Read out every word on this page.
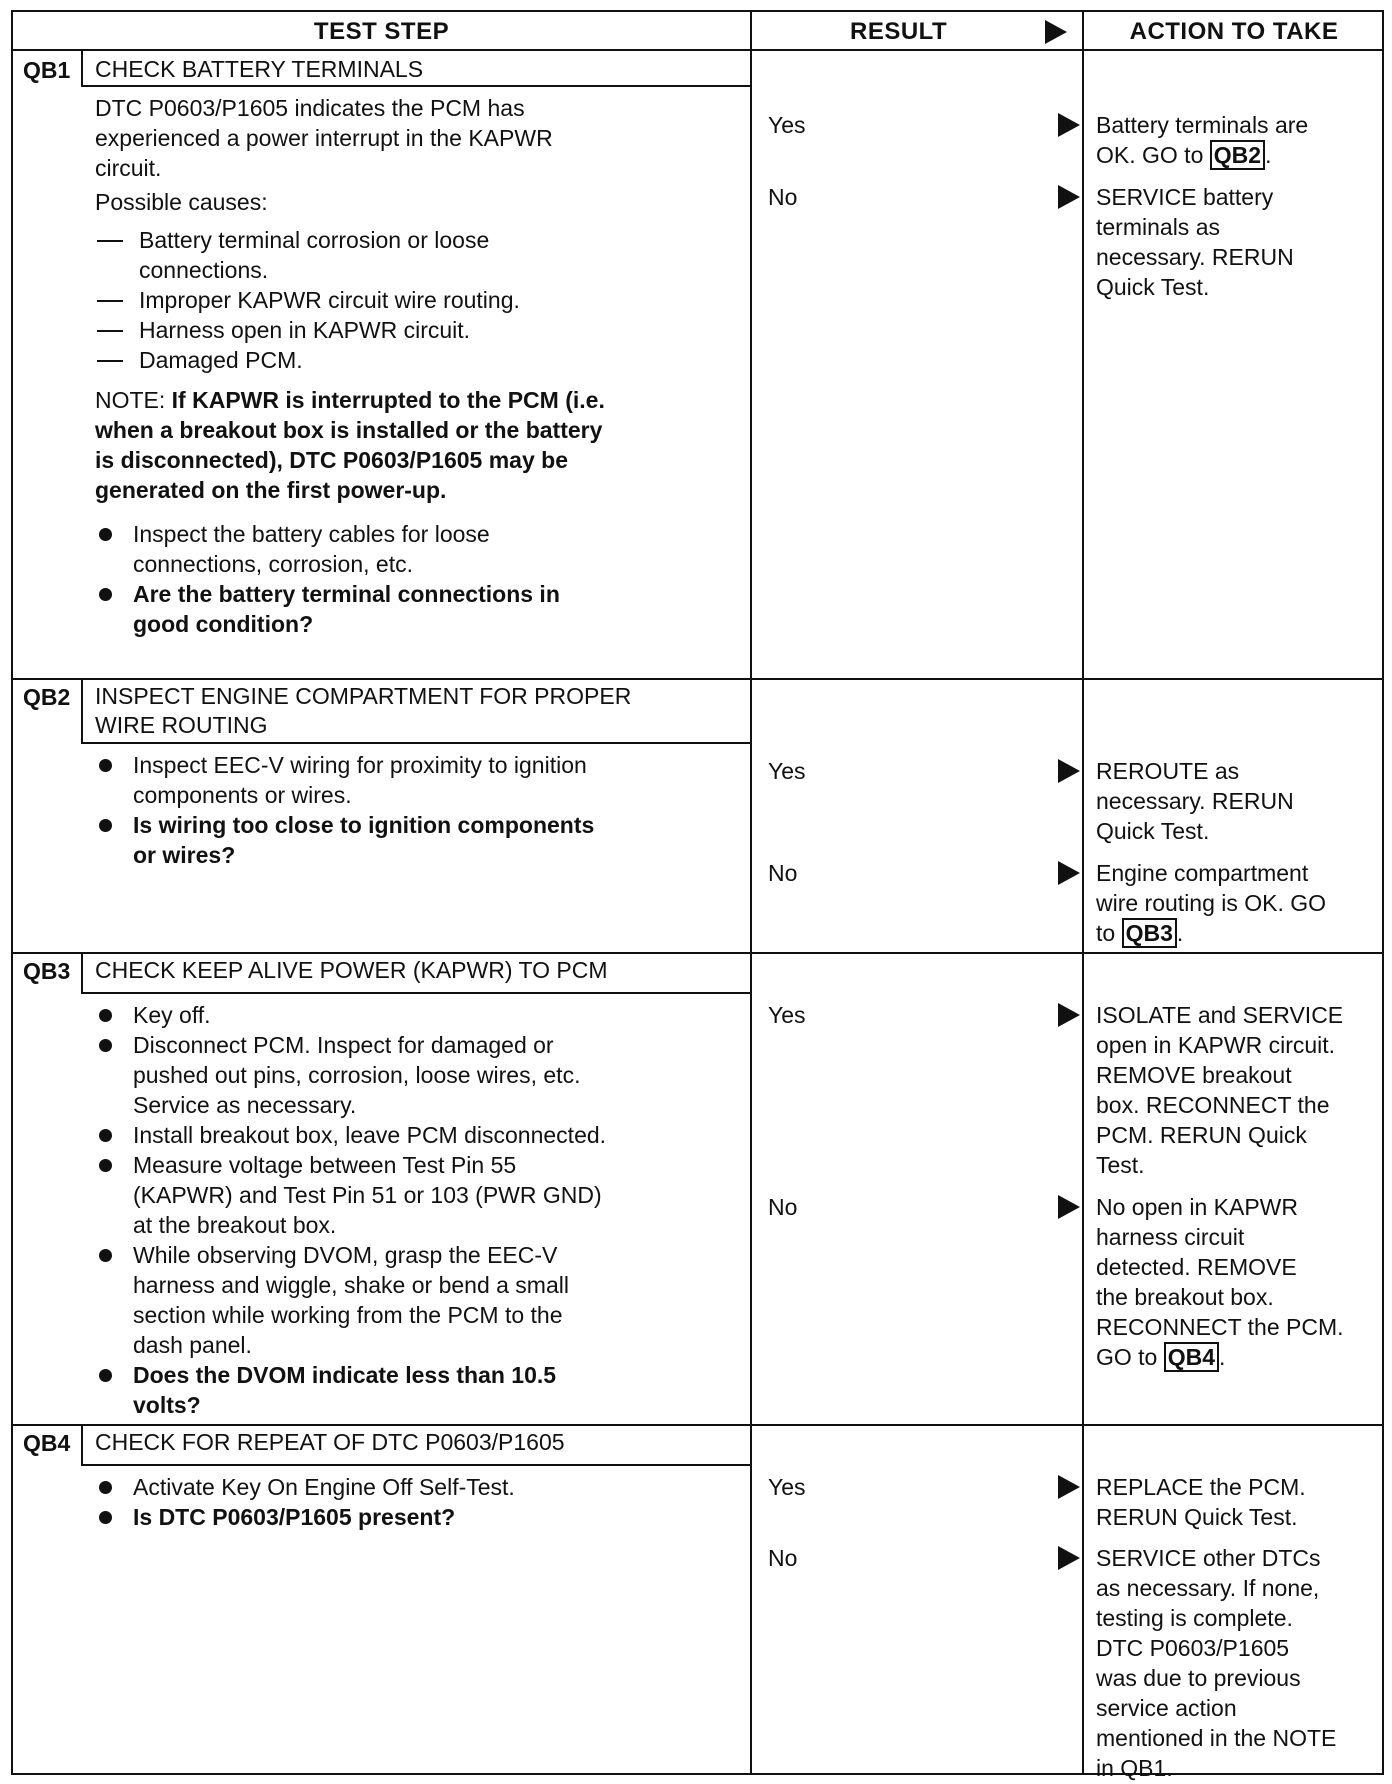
TEST STEP	RESULT	ACTION TO TAKE
QB1 CHECK BATTERY TERMINALS
DTC P0603/P1605 indicates the PCM has
experienced a power interrupt in the KAPWR
circuit.
Possible causes:
Battery terminal corrosion or loose
connections.
Improper KAPWR circuit wire routing.
Harness open in KAPWR circuit.
Damaged PCM.
NOTE: If KAPWR is interrupted to the PCM (i.e.
when a breakout box is installed or the battery
is disconnected), DTC P0603/P1605 may be
generated on the first power-up.
Inspect the battery cables for loose
connections, corrosion, etc.
Are the battery terminal connections in
good condition?
Yes	Battery terminals are
OK. GO to QB2 .
No	SERVICE battery
terminals as
necessary. RERUN
Quick Test.
QB2 INSPECT ENGINE COMPARTMENT FOR PROPER
WIRE ROUTING
Inspect EEC-V wiring for proximity to ignition
components or wires.
Is wiring too close to ignition components
or wires?
Yes	REROUTE as
necessary. RERUN
Quick Test.
No	Engine compartment
wire routing is OK. GO
to QB3 .
QB3 CHECK KEEP ALIVE POWER (KAPWR) TO PCM
Key off.
Disconnect PCM. Inspect for damaged or
pushed out pins, corrosion, loose wires, etc.
Service as necessary.
Install breakout box, leave PCM disconnected.
Measure voltage between Test Pin 55
(KAPWR) and Test Pin 51 or 103 (PWR GND)
at the breakout box.
While observing DVOM, grasp the EEC-V
harness and wiggle, shake or bend a small
section while working from the PCM to the
dash panel.
Does the DVOM indicate less than 10.5
volts?
Yes	ISOLATE and SERVICE
open in KAPWR circuit.
REMOVE breakout
box. RECONNECT the
PCM. RERUN Quick
Test.
No	No open in KAPWR
harness circuit
detected. REMOVE
the breakout box.
RECONNECT the PCM.
GO to QB4 .
QB4 CHECK FOR REPEAT OF DTC P0603/P1605
Activate Key On Engine Off Self-Test.
Is DTC P0603/P1605 present?
Yes	REPLACE the PCM.
RERUN Quick Test.
No	SERVICE other DTCs
as necessary. If none,
testing is complete.
DTC P0603/P1605
was due to previous
service action
mentioned in the NOTE
in QB1.
